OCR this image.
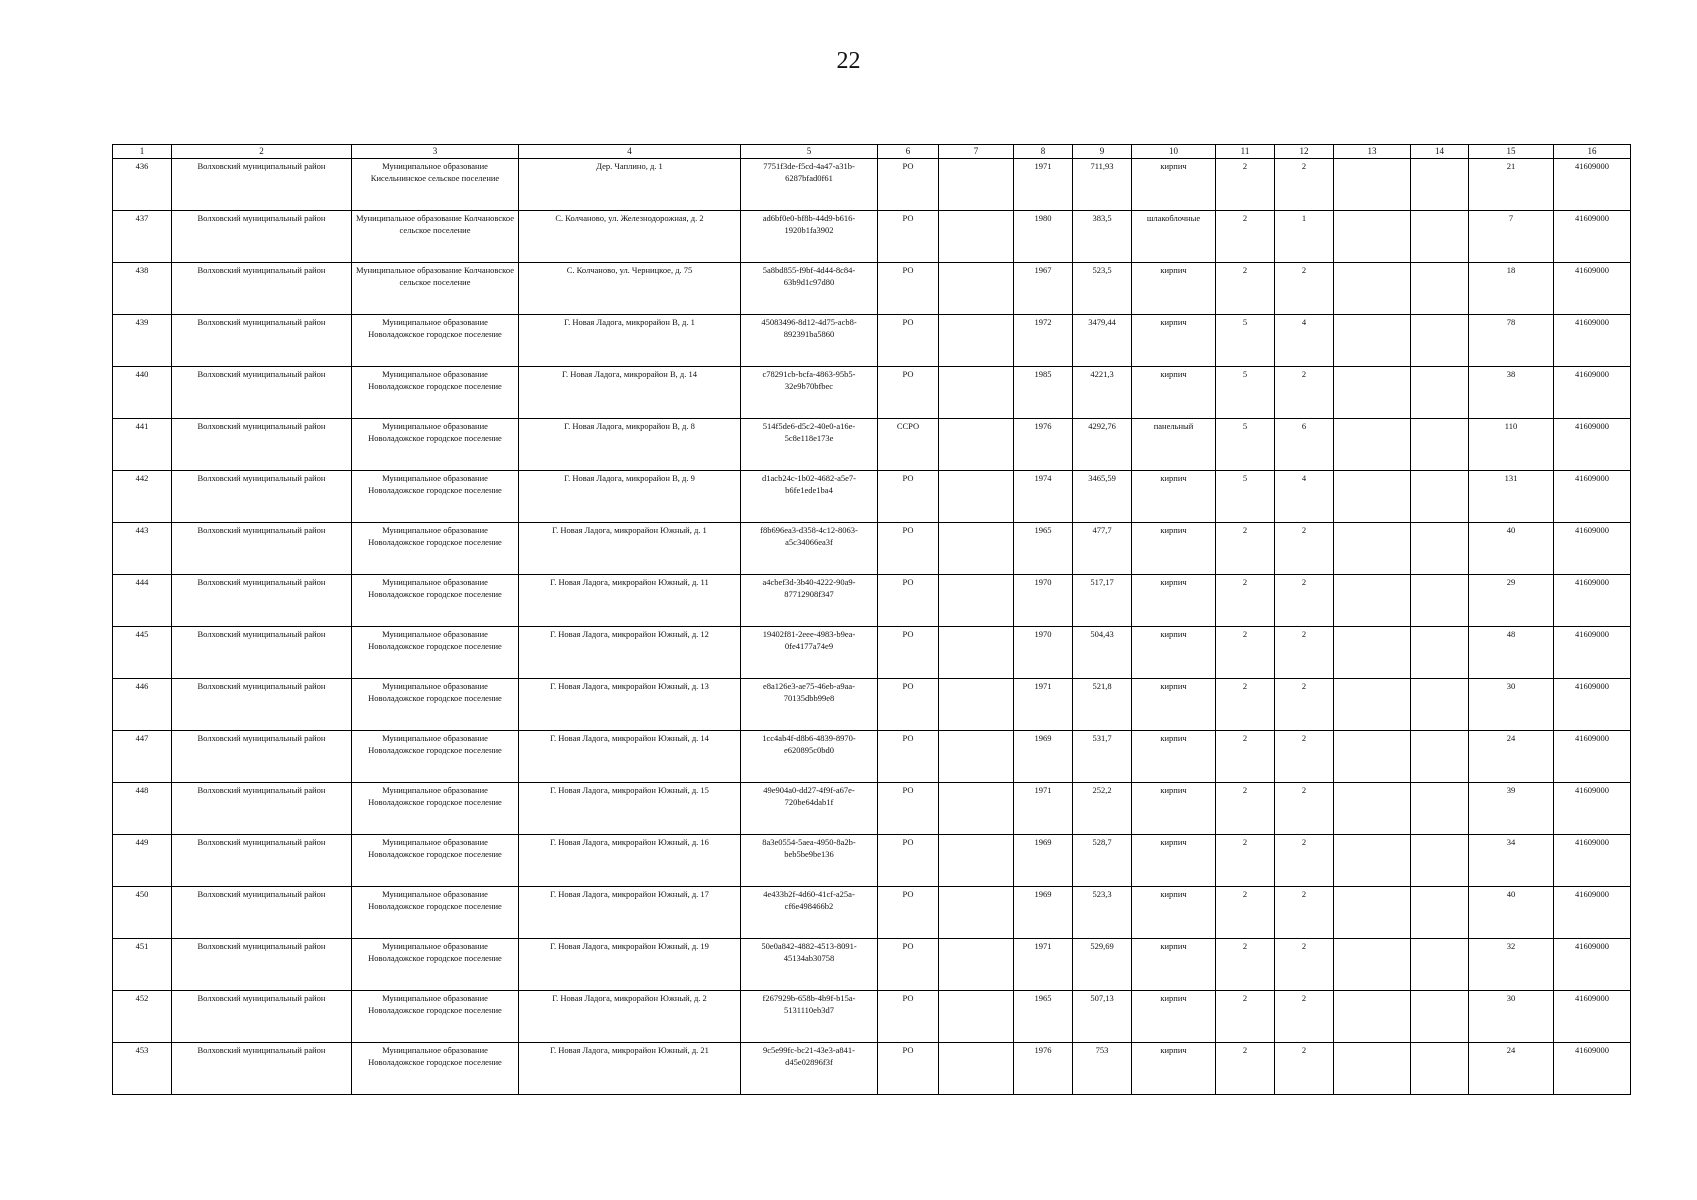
22
1	2	3	4	5	6	7	8	9	10	11	12	13	14	15	16
436	Волховский муниципальный район	Муниципальное образование Кисельнинское сельское поселение	Дер. Чаплино, д. 1	7751f3de-f5cd-4a47-a31b-6287bfad0f61	РО		1971	711,93	кирпич	2	2			21	41609000
437	Волховский муниципальный район	Муниципальное образование Колчановское сельское поселение	С. Колчаново, ул. Железнодорожная, д. 2	ad6bf0e0-bf8b-44d9-b616-1920b1fa3902	РО		1980	383,5	шлакоблочные	2	1			7	41609000
438	Волховский муниципальный район	Муниципальное образование Колчановское сельское поселение	С. Колчаново, ул. Черницкое, д. 75	5a8bd855-f9bf-4d44-8c84-63b9d1c97d80	РО		1967	523,5	кирпич	2	2			18	41609000
439	Волховский муниципальный район	Муниципальное образование Новоладожское городское поселение	Г. Новая Ладога, микрорайон В, д. 1	45083496-8d12-4d75-acb8-892391ba5860	РО		1972	3479,44	кирпич	5	4			78	41609000
440	Волховский муниципальный район	Муниципальное образование Новоладожское городское поселение	Г. Новая Ладога, микрорайон В, д. 14	c78291cb-bcfa-4863-95b5-32e9b70bfbec	РО		1985	4221,3	кирпич	5	2			38	41609000
441	Волховский муниципальный район	Муниципальное образование Новоладожское городское поселение	Г. Новая Ладога, микрорайон В, д. 8	514f5de6-d5c2-40e0-a16e-5c8e118e173e	ССРО		1976	4292,76	панельный	5	6			110	41609000
442	Волховский муниципальный район	Муниципальное образование Новоладожское городское поселение	Г. Новая Ладога, микрорайон В, д. 9	d1acb24c-1b02-4682-a5e7-b6fe1ede1ba4	РО		1974	3465,59	кирпич	5	4			131	41609000
443	Волховский муниципальный район	Муниципальное образование Новоладожское городское поселение	Г. Новая Ладога, микрорайон Южный, д. 1	f8b696ea3-d358-4c12-8063-a5c34066ea3f	РО		1965	477,7	кирпич	2	2			40	41609000
444	Волховский муниципальный район	Муниципальное образование Новоладожское городское поселение	Г. Новая Ладога, микрорайон Южный, д. 11	a4cbef3d-3b40-4222-90a9-87712908f347	РО		1970	517,17	кирпич	2	2			29	41609000
445	Волховский муниципальный район	Муниципальное образование Новоладожское городское поселение	Г. Новая Ладога, микрорайон Южный, д. 12	19402f81-2eee-4983-b9ea-0fe4177a74e9	РО		1970	504,43	кирпич	2	2			48	41609000
446	Волховский муниципальный район	Муниципальное образование Новоладожское городское поселение	Г. Новая Ладога, микрорайон Южный, д. 13	e8a126e3-ae75-46eb-a9aa-70135dbb99e8	РО		1971	521,8	кирпич	2	2			30	41609000
447	Волховский муниципальный район	Муниципальное образование Новоладожское городское поселение	Г. Новая Ладога, микрорайон Южный, д. 14	1cc4ab4f-d8b6-4839-8970-e620895c0bd0	РО		1969	531,7	кирпич	2	2			24	41609000
448	Волховский муниципальный район	Муниципальное образование Новоладожское городское поселение	Г. Новая Ладога, микрорайон Южный, д. 15	49e904a0-dd27-4f9f-a67e-720be64dab1f	РО		1971	252,2	кирпич	2	2			39	41609000
449	Волховский муниципальный район	Муниципальное образование Новоладожское городское поселение	Г. Новая Ладога, микрорайон Южный, д. 16	8a3e0554-5aea-4950-8a2b-beb5be9be136	РО		1969	528,7	кирпич	2	2			34	41609000
450	Волховский муниципальный район	Муниципальное образование Новоладожское городское поселение	Г. Новая Ладога, микрорайон Южный, д. 17	4e433b2f-4d60-41cf-a25a-cf6e498466b2	РО		1969	523,3	кирпич	2	2			40	41609000
451	Волховский муниципальный район	Муниципальное образование Новоладожское городское поселение	Г. Новая Ладога, микрорайон Южный, д. 19	50e0a842-4882-4513-8091-45134ab30758	РО		1971	529,69	кирпич	2	2			32	41609000
452	Волховский муниципальный район	Муниципальное образование Новоладожское городское поселение	Г. Новая Ладога, микрорайон Южный, д. 2	f267929b-658b-4b9f-b15a-5131110eb3d7	РО		1965	507,13	кирпич	2	2			30	41609000
453	Волховский муниципальный район	Муниципальное образование Новоладожское городское поселение	Г. Новая Ладога, микрорайон Южный, д. 21	9c5e99fc-bc21-43e3-a841-d45e02896f3f	РО		1976	753	кирпич	2	2			24	41609000
